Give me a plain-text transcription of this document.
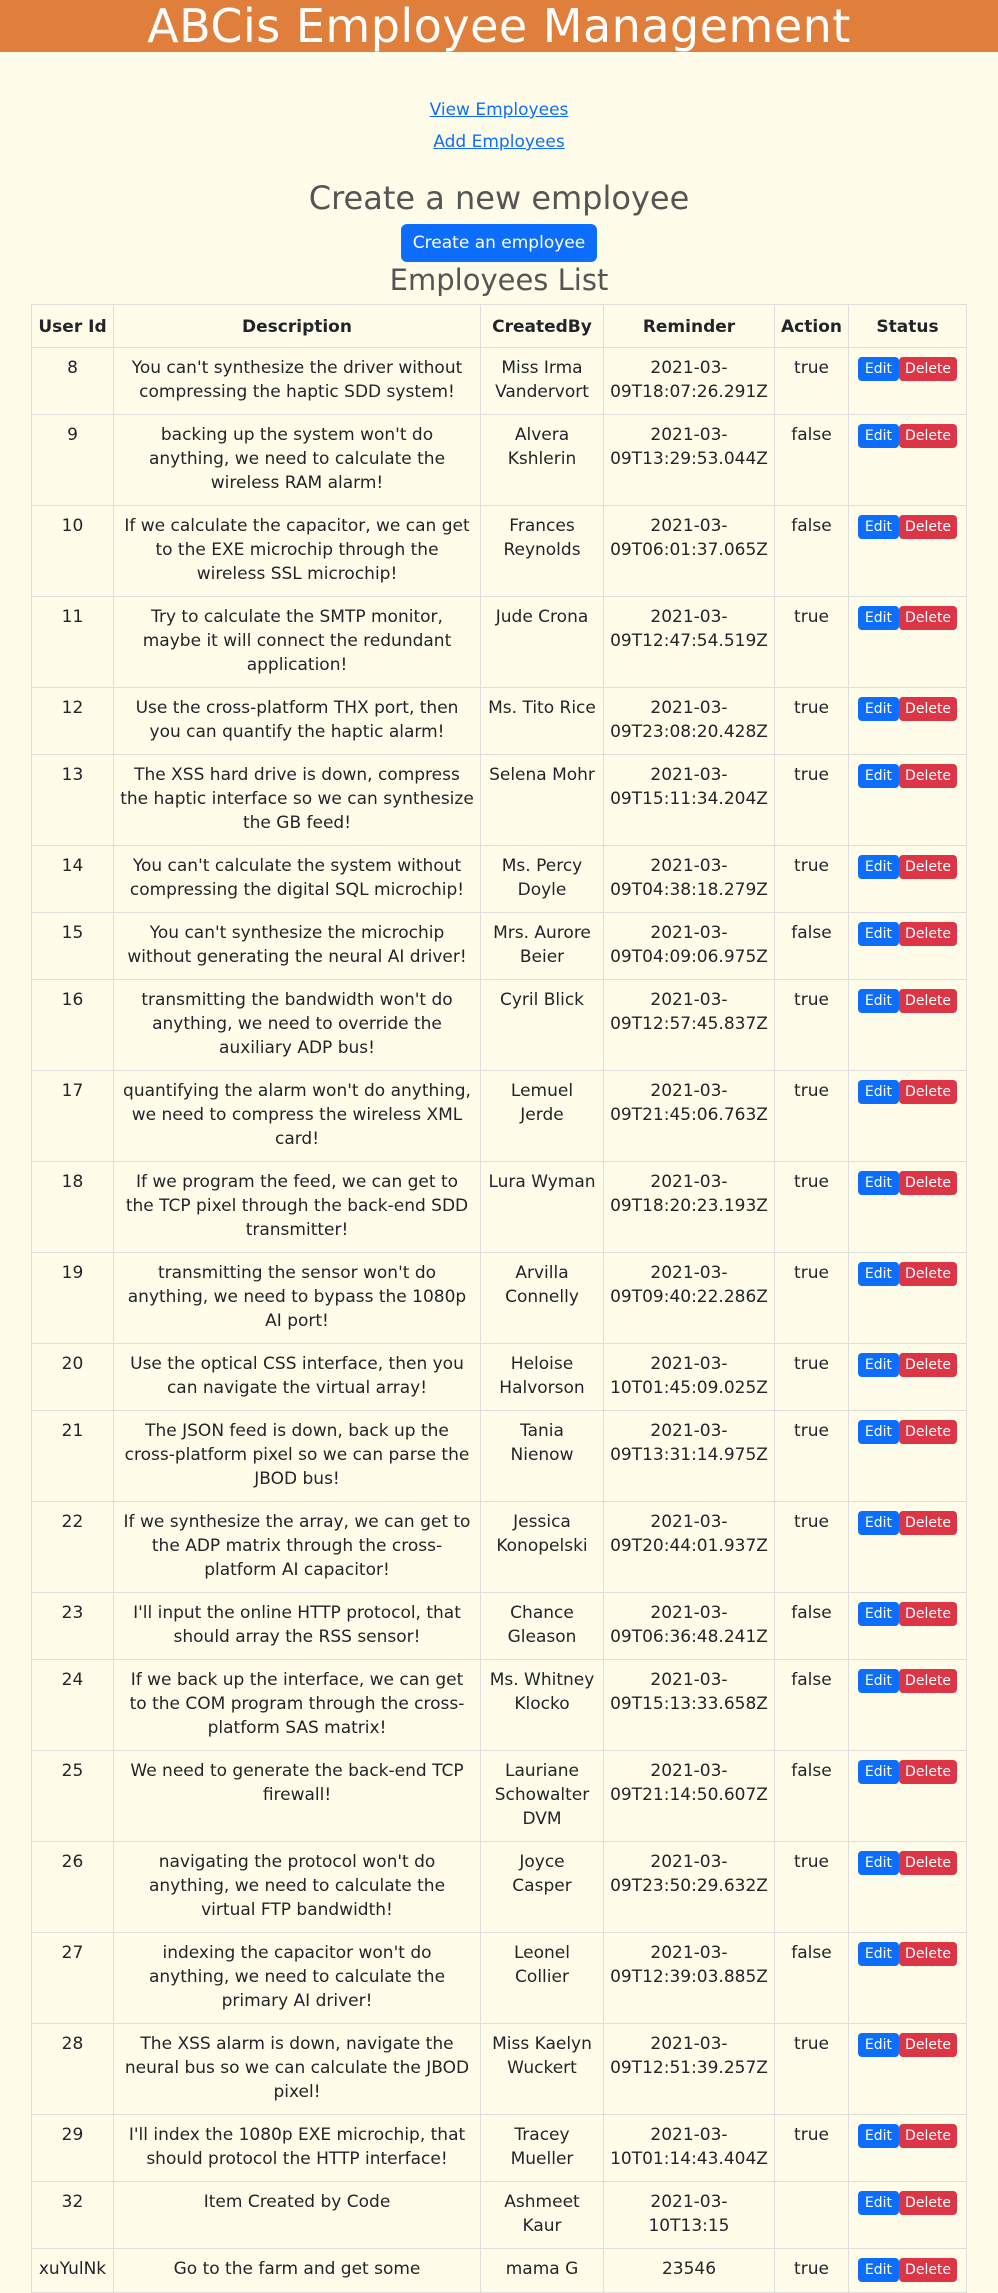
ABCis Employee Management
View Employees
Add Employees
Create a new employee
Create an employee
Employees List
User Id	Description	CreatedBy	Reminder	Action	Status
8	You can't synthesize the driver without compressing the haptic SDD system!	Miss Irma Vandervort	2021-03-09T18:07:26.291Z	true	Edit Delete
9	backing up the system won't do anything, we need to calculate the wireless RAM alarm!	Alvera Kshlerin	2021-03-09T13:29:53.044Z	false	Edit Delete
10	If we calculate the capacitor, we can get to the EXE microchip through the wireless SSL microchip!	Frances Reynolds	2021-03-09T06:01:37.065Z	false	Edit Delete
11	Try to calculate the SMTP monitor, maybe it will connect the redundant application!	Jude Crona	2021-03-09T12:47:54.519Z	true	Edit Delete
12	Use the cross-platform THX port, then you can quantify the haptic alarm!	Ms. Tito Rice	2021-03-09T23:08:20.428Z	true	Edit Delete
13	The XSS hard drive is down, compress the haptic interface so we can synthesize the GB feed!	Selena Mohr	2021-03-09T15:11:34.204Z	true	Edit Delete
14	You can't calculate the system without compressing the digital SQL microchip!	Ms. Percy Doyle	2021-03-09T04:38:18.279Z	true	Edit Delete
15	You can't synthesize the microchip without generating the neural AI driver!	Mrs. Aurore Beier	2021-03-09T04:09:06.975Z	false	Edit Delete
16	transmitting the bandwidth won't do anything, we need to override the auxiliary ADP bus!	Cyril Blick	2021-03-09T12:57:45.837Z	true	Edit Delete
17	quantifying the alarm won't do anything, we need to compress the wireless XML card!	Lemuel Jerde	2021-03-09T21:45:06.763Z	true	Edit Delete
18	If we program the feed, we can get to the TCP pixel through the back-end SDD transmitter!	Lura Wyman	2021-03-09T18:20:23.193Z	true	Edit Delete
19	transmitting the sensor won't do anything, we need to bypass the 1080p AI port!	Arvilla Connelly	2021-03-09T09:40:22.286Z	true	Edit Delete
20	Use the optical CSS interface, then you can navigate the virtual array!	Heloise Halvorson	2021-03-10T01:45:09.025Z	true	Edit Delete
21	The JSON feed is down, back up the cross-platform pixel so we can parse the JBOD bus!	Tania Nienow	2021-03-09T13:31:14.975Z	true	Edit Delete
22	If we synthesize the array, we can get to the ADP matrix through the cross-platform AI capacitor!	Jessica Konopelski	2021-03-09T20:44:01.937Z	true	Edit Delete
23	I'll input the online HTTP protocol, that should array the RSS sensor!	Chance Gleason	2021-03-09T06:36:48.241Z	false	Edit Delete
24	If we back up the interface, we can get to the COM program through the cross-platform SAS matrix!	Ms. Whitney Klocko	2021-03-09T15:13:33.658Z	false	Edit Delete
25	We need to generate the back-end TCP firewall!	Lauriane Schowalter DVM	2021-03-09T21:14:50.607Z	false	Edit Delete
26	navigating the protocol won't do anything, we need to calculate the virtual FTP bandwidth!	Joyce Casper	2021-03-09T23:50:29.632Z	true	Edit Delete
27	indexing the capacitor won't do anything, we need to calculate the primary AI driver!	Leonel Collier	2021-03-09T12:39:03.885Z	false	Edit Delete
28	The XSS alarm is down, navigate the neural bus so we can calculate the JBOD pixel!	Miss Kaelyn Wuckert	2021-03-09T12:51:39.257Z	true	Edit Delete
29	I'll index the 1080p EXE microchip, that should protocol the HTTP interface!	Tracey Mueller	2021-03-10T01:14:43.404Z	true	Edit Delete
32	Item Created by Code	Ashmeet Kaur	2021-03-10T13:15		Edit Delete
xuYulNk	Go to the farm and get some	mama G	23546	true	Edit Delete
